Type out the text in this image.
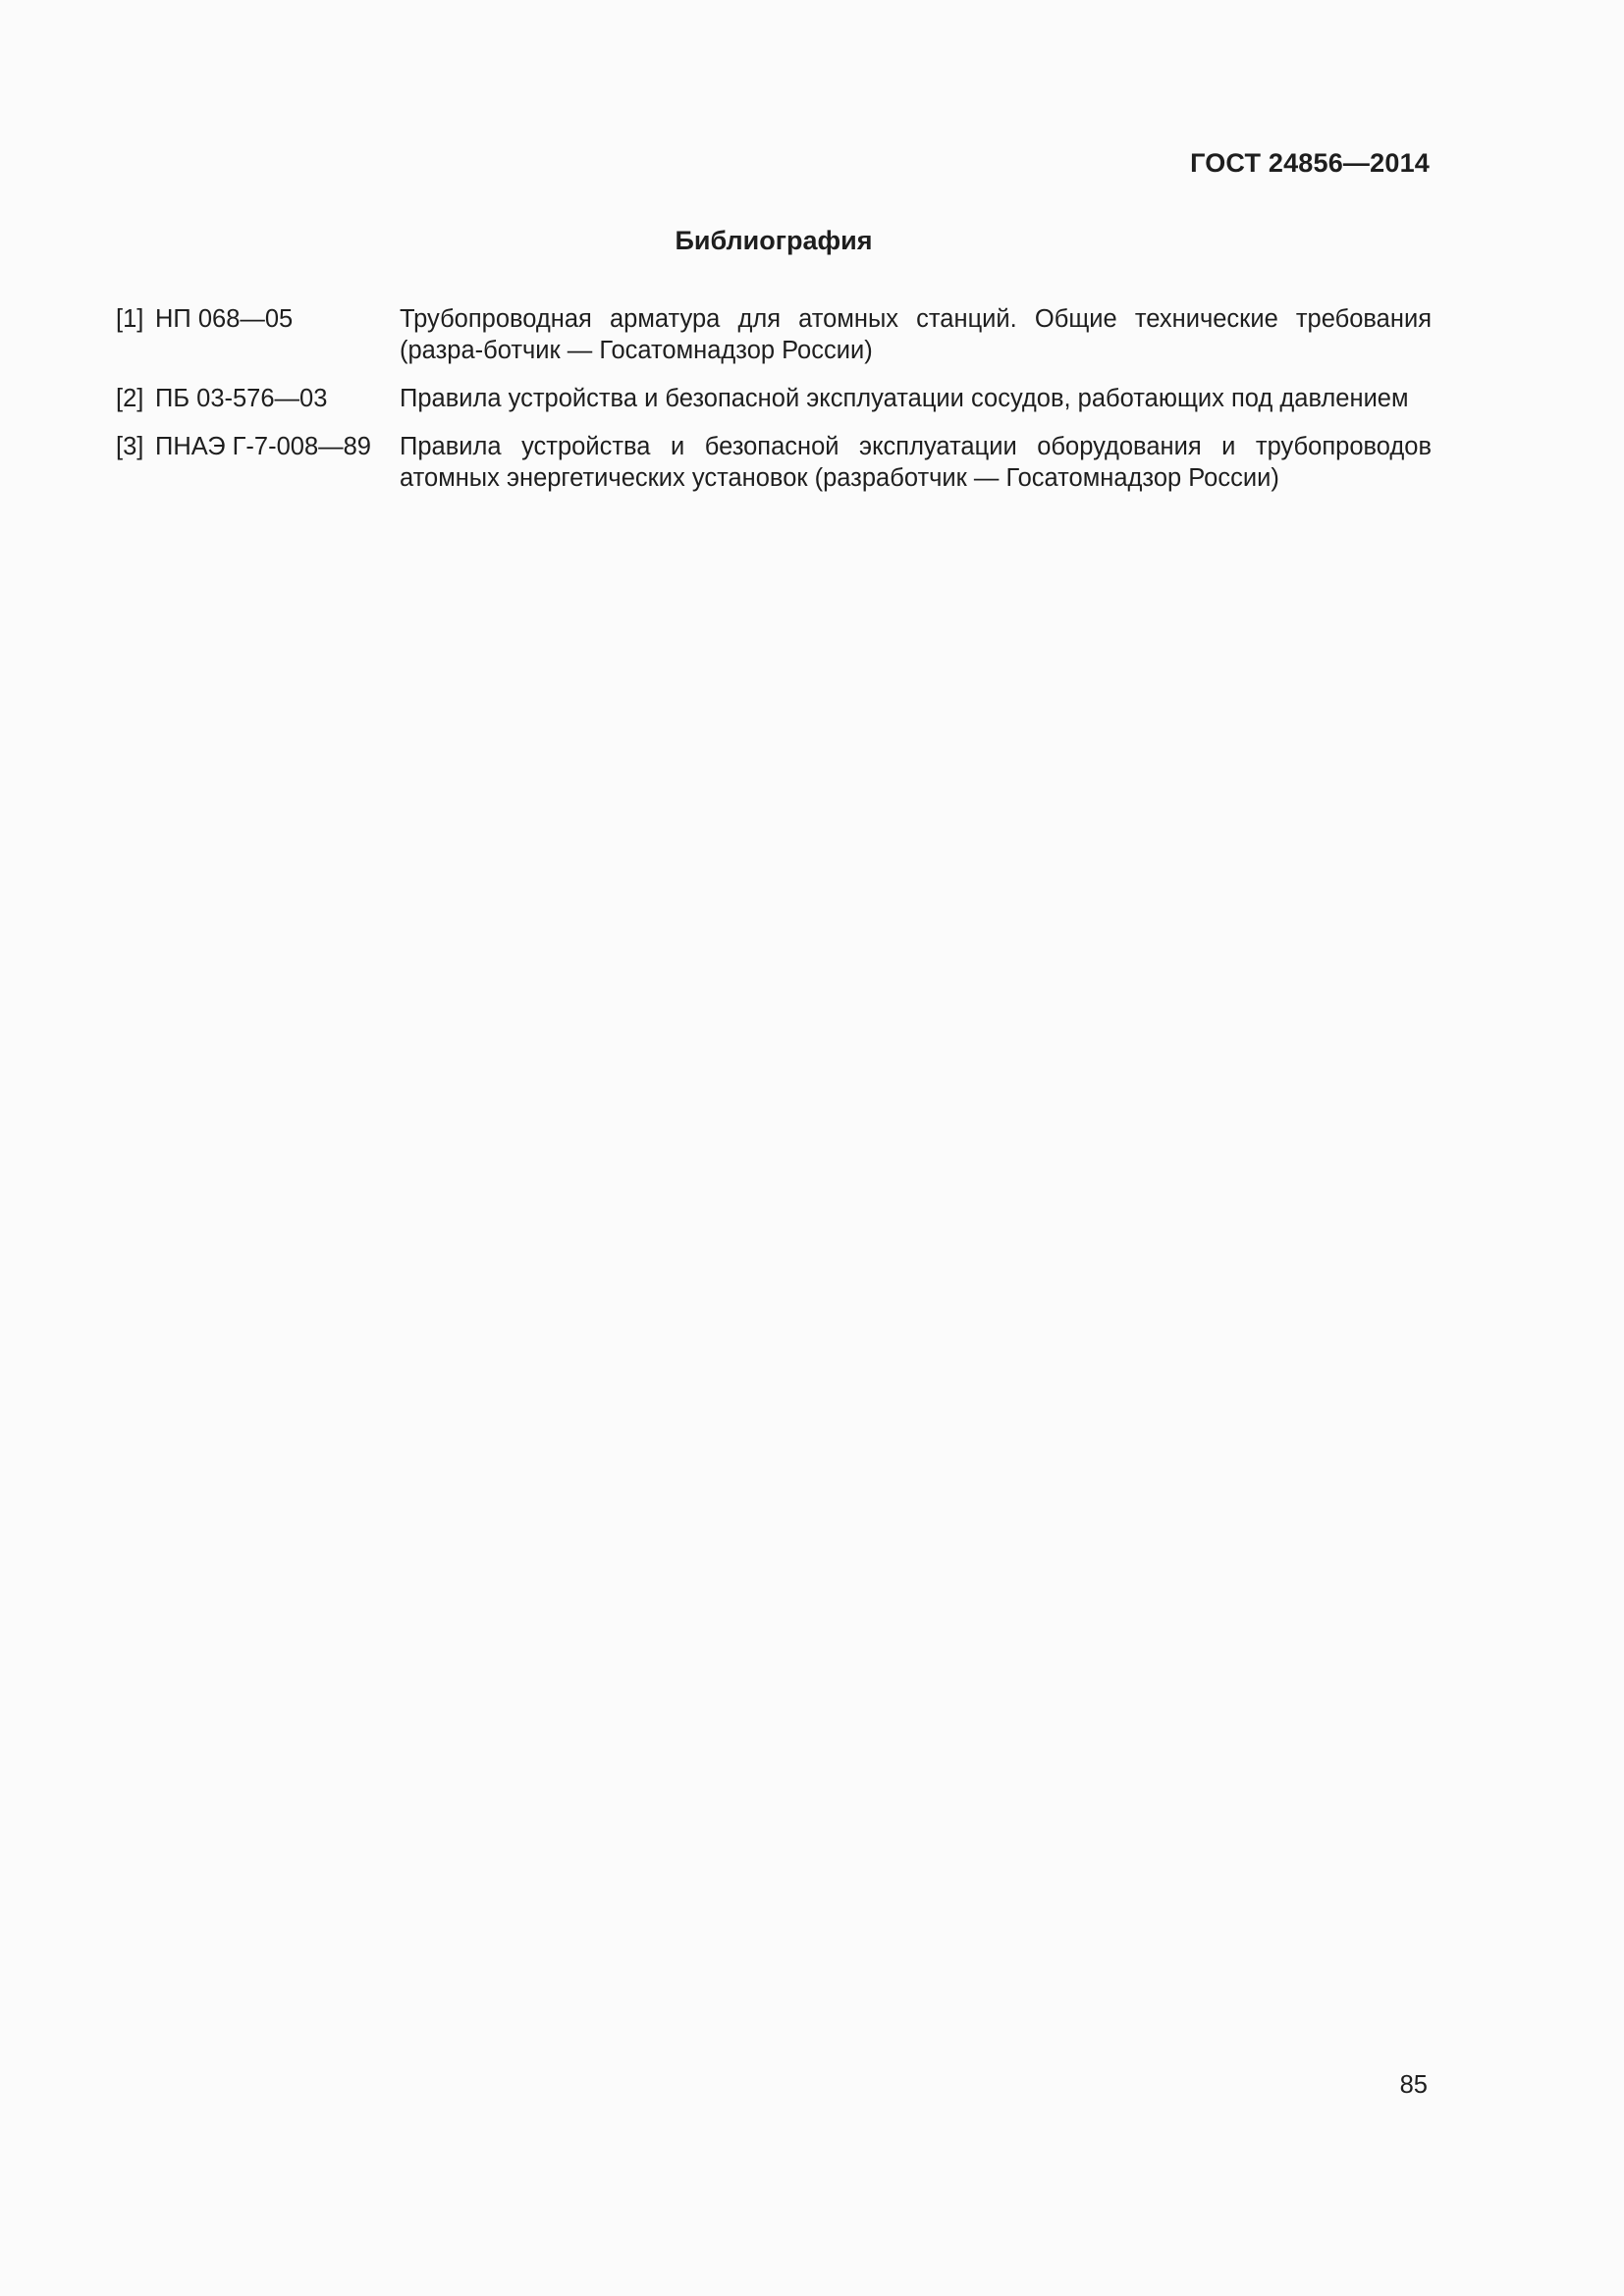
ГОСТ 24856—2014
Библиография
[1] НП 068—05	Трубопроводная арматура для атомных станций. Общие технические требования (разра-ботчик — Госатомнадзор России)
[2] ПБ 03-576—03	Правила устройства и безопасной эксплуатации сосудов, работающих под давлением
[3] ПНАЭ Г-7-008—89	Правила устройства и безопасной эксплуатации оборудования и трубопроводов атомных энергетических установок (разработчик — Госатомнадзор России)
85
